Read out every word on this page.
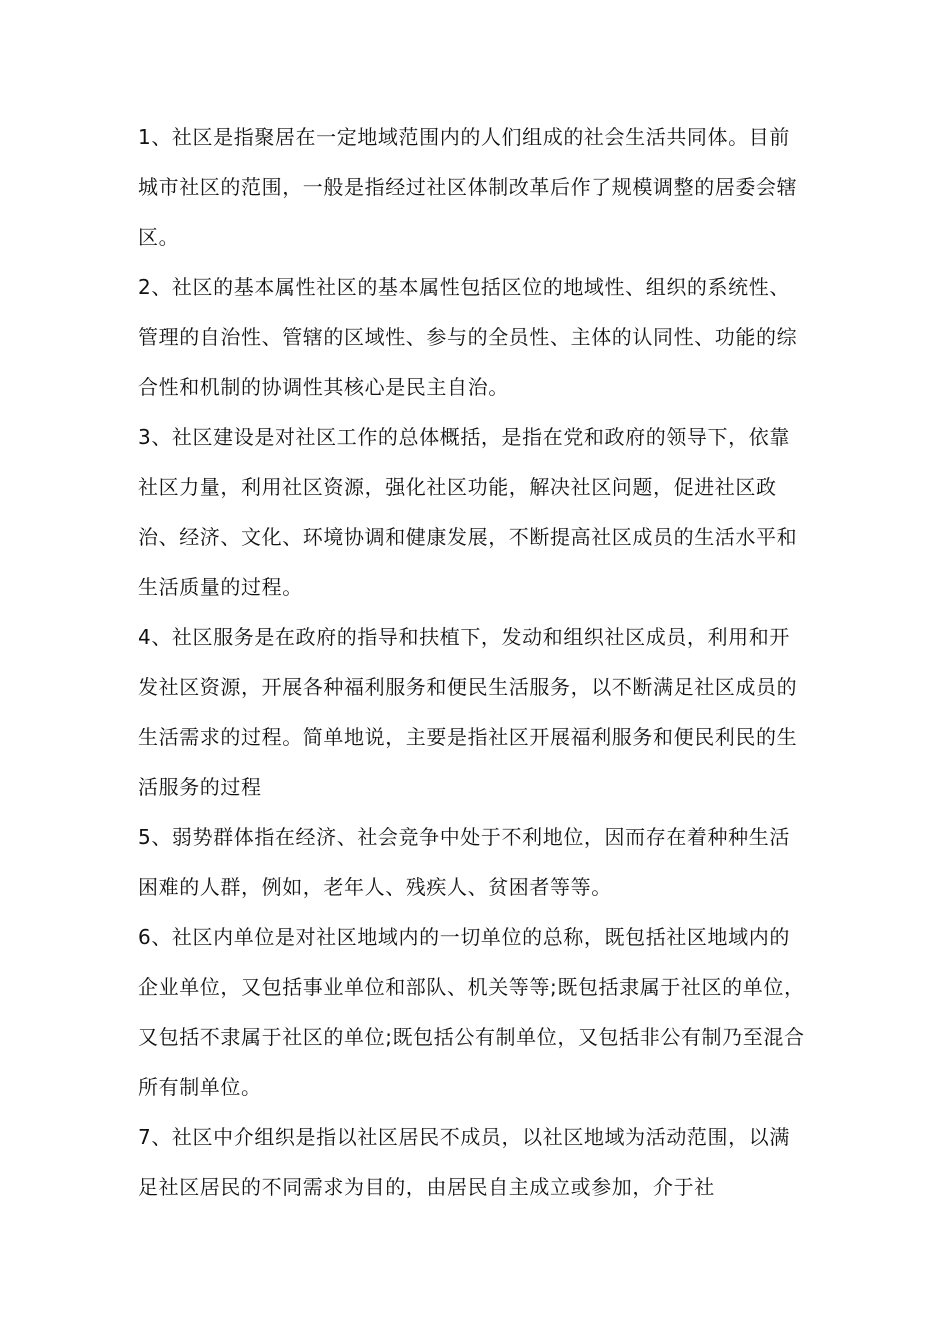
1、社区是指聚居在一定地域范围内的人们组成的社会生活共同体。目前城市社区的范围，一般是指经过社区体制改革后作了规模调整的居委会辖区。

2、社区的基本属性社区的基本属性包括区位的地域性、组织的系统性、管理的自治性、管辖的区域性、参与的全员性、主体的认同性、功能的综合性和机制的协调性其核心是民主自治。

3、社区建设是对社区工作的总体概括，是指在党和政府的领导下，依靠社区力量，利用社区资源，强化社区功能，解决社区问题，促进社区政治、经济、文化、环境协调和健康发展，不断提高社区成员的生活水平和生活质量的过程。

4、社区服务是在政府的指导和扶植下，发动和组织社区成员，利用和开发社区资源，开展各种福利服务和便民生活服务，以不断满足社区成员的生活需求的过程。简单地说，主要是指社区开展福利服务和便民利民的生活服务的过程

5、弱势群体指在经济、社会竞争中处于不利地位，因而存在着种种生活困难的人群，例如，老年人、残疾人、贫困者等等。

6、社区内单位是对社区地域内的一切单位的总称，既包括社区地域内的企业单位，又包括事业单位和部队、机关等等;既包括隶属于社区的单位，又包括不隶属于社区的单位;既包括公有制单位，又包括非公有制乃至混合所有制单位。

7、社区中介组织是指以社区居民不成员，以社区地域为活动范围，以满足社区居民的不同需求为目的，由居民自主成立或参加，介于社
